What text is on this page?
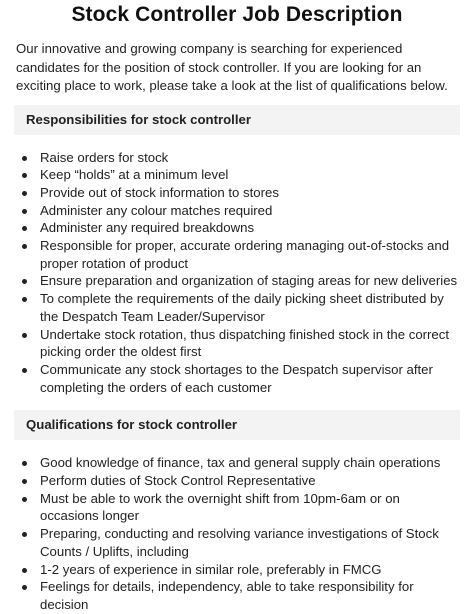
Stock Controller Job Description

Our innovative and growing company is searching for experienced candidates for the position of stock controller. If you are looking for an exciting place to work, please take a look at the list of qualifications below.

Responsibilities for stock controller
Raise orders for stock
Keep “holds” at a minimum level
Provide out of stock information to stores
Administer any colour matches required
Administer any required breakdowns
Responsible for proper, accurate ordering managing out-of-stocks and proper rotation of product
Ensure preparation and organization of staging areas for new deliveries
To complete the requirements of the daily picking sheet distributed by the Despatch Team Leader/Supervisor
Undertake stock rotation, thus dispatching finished stock in the correct picking order the oldest first
Communicate any stock shortages to the Despatch supervisor after completing the orders of each customer
Qualifications for stock controller
Good knowledge of finance, tax and general supply chain operations
Perform duties of Stock Control Representative
Must be able to work the overnight shift from 10pm-6am or on occasions longer
Preparing, conducting and resolving variance investigations of Stock Counts / Uplifts, including
1-2 years of experience in similar role, preferably in FMCG
Feelings for details, independency, able to take responsibility for decision
